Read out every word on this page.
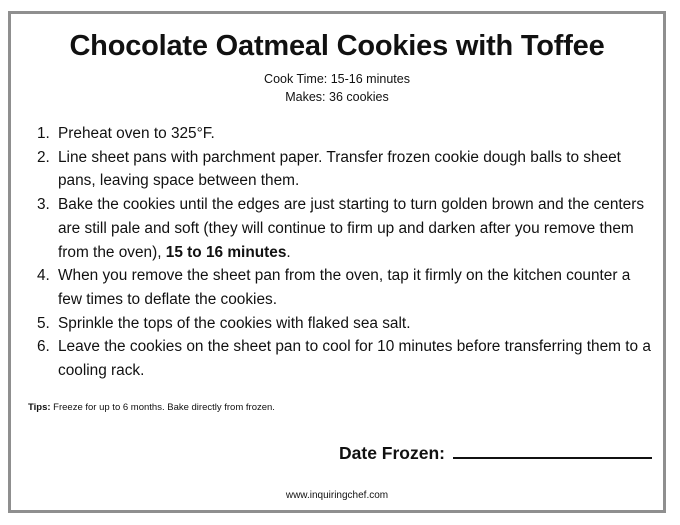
Chocolate Oatmeal Cookies with Toffee
Cook Time: 15-16 minutes
Makes: 36 cookies
1. Preheat oven to 325°F.
2. Line sheet pans with parchment paper. Transfer frozen cookie dough balls to sheet pans, leaving space between them.
3. Bake the cookies until the edges are just starting to turn golden brown and the centers are still pale and soft (they will continue to firm up and darken after you remove them from the oven), 15 to 16 minutes.
4. When you remove the sheet pan from the oven, tap it firmly on the kitchen counter a few times to deflate the cookies.
5. Sprinkle the tops of the cookies with flaked sea salt.
6. Leave the cookies on the sheet pan to cool for 10 minutes before transferring them to a cooling rack.
Tips: Freeze for up to 6 months. Bake directly from frozen.
Date Frozen:
www.inquiringchef.com
